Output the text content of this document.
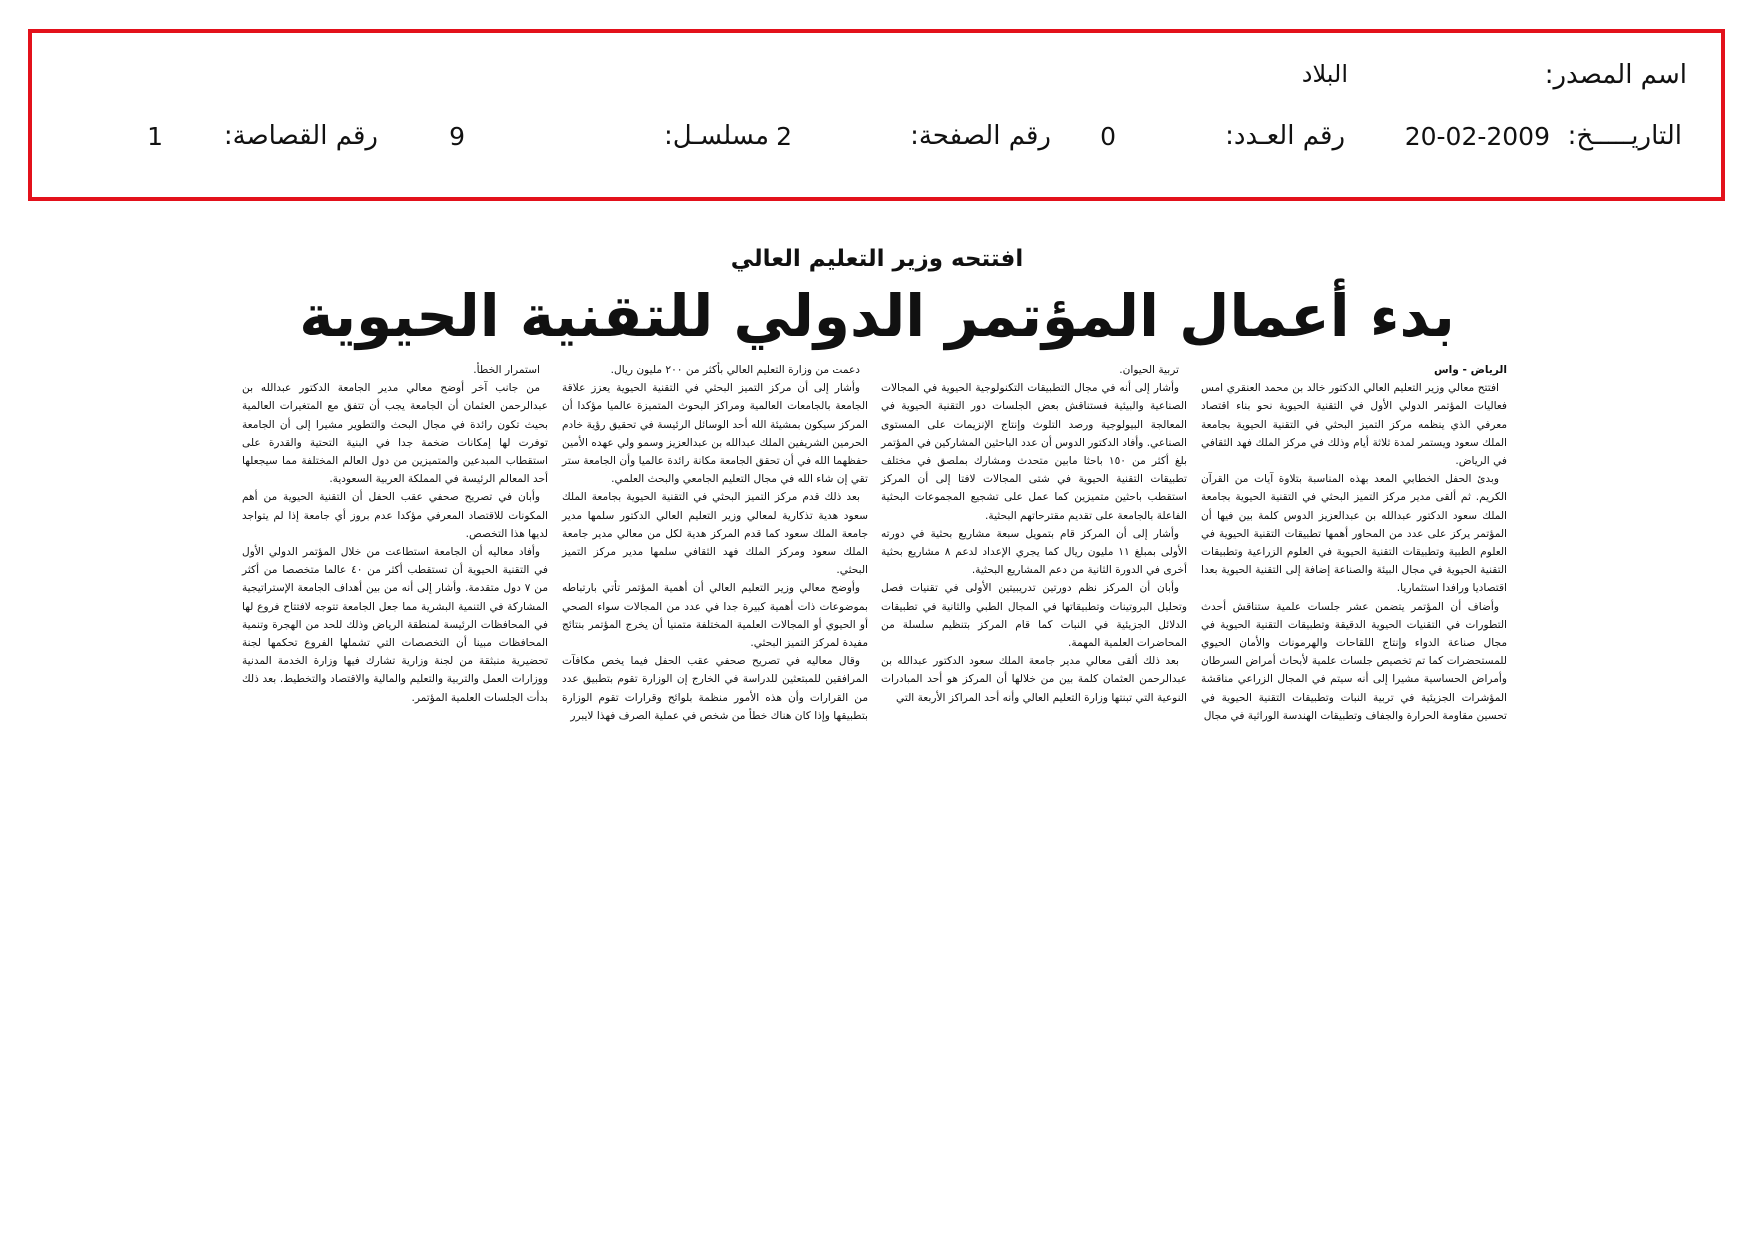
اسم المصدر:
البلاد
التاريـــــخ:
20-02-2009
رقم العـدد:
0
رقم الصفحة:
2
مسلسـل:
9
رقم القصاصة:
1
افتتحه وزير التعليم العالي
بدء أعمال المؤتمر الدولي للتقنية الحيوية

الرياض - واس

افتتح معالي وزير التعليم العالي الدكتور خالد بن محمد العنقري امس فعاليات المؤتمر الدولي الأول في التقنية الحيوية نحو بناء اقتصاد معرفي الذي ينظمه مركز التميز البحثي في التقنية الحيوية بجامعة الملك سعود ويستمر لمدة ثلاثة أيام وذلك في مركز الملك فهد الثقافي في الرياض.

وبدئ الحفل الخطابي المعد بهذه المناسبة بتلاوة آيات من القرآن الكريم. ثم ألقى مدير مركز التميز البحثي في التقنية الحيوية بجامعة الملك سعود الدكتور عبدالله بن عبدالعزيز الدوس كلمة بين فيها أن المؤتمر يركز على عدد من المحاور أهمها تطبيقات التقنية الحيوية في العلوم الطبية وتطبيقات التقنية الحيوية في العلوم الزراعية وتطبيقات التقنية الحيوية في مجال البيئة والصناعة إضافة إلى التقنية الحيوية بعدا اقتصاديا ورافدا استثماريا.

وأضاف أن المؤتمر يتضمن عشر جلسات علمية ستناقش أحدث التطورات في التقنيات الحيوية الدقيقة وتطبيقات التقنية الحيوية في مجال صناعة الدواء وإنتاج اللقاحات والهرمونات والأمان الحيوي للمستحضرات كما تم تخصيص جلسات علمية لأبحاث أمراض السرطان وأمراض الحساسية مشيرا إلى أنه سيتم في المجال الزراعي مناقشة المؤشرات الجزيئية في تربية النبات وتطبيقات التقنية الحيوية في تحسين مقاومة الحرارة والجفاف وتطبيقات الهندسة الوراثية في مجال

تربية الحيوان.

وأشار إلى أنه في مجال التطبيقات التكنولوجية الحيوية في المجالات الصناعية والبيئية فستناقش بعض الجلسات دور التقنية الحيوية في المعالجة البيولوجية ورصد التلوث وإنتاج الإنزيمات على المستوى الصناعي. وأفاد الدكتور الدوس أن عدد الباحثين المشاركين في المؤتمر بلغ أكثر من ١٥٠ باحثا مابين متحدث ومشارك بملصق في مختلف تطبيقات التقنية الحيوية في شتى المجالات لافتا إلى أن المركز استقطب باحثين متميزين كما عمل على تشجيع المجموعات البحثية الفاعلة بالجامعة على تقديم مقترحاتهم البحثية.

وأشار إلى أن المركز قام بتمويل سبعة مشاريع بحثية في دورته الأولى بمبلغ ١١ مليون ريال كما يجري الإعداد لدعم ٨ مشاريع بحثية أخرى في الدورة الثانية من دعم المشاريع البحثية.

وأبان أن المركز نظم دورتين تدريبيتين الأولى في تقنيات فصل وتحليل البروتينات وتطبيقاتها في المجال الطبي والثانية في تطبيقات الدلائل الجزيئية في النبات كما قام المركز بتنظيم سلسلة من المحاضرات العلمية المهمة.

بعد ذلك ألقى معالي مدير جامعة الملك سعود الدكتور عبدالله بن عبدالرحمن العثمان كلمة بين من خلالها أن المركز هو أحد المبادرات النوعية التي تبنتها وزارة التعليم العالي وأنه أحد المراكز الأربعة التي

دعمت من وزارة التعليم العالي بأكثر من ٢٠٠ مليون ريال.

وأشار إلى أن مركز التميز البحثي في التقنية الحيوية يعزز علاقة الجامعة بالجامعات العالمية ومراكز البحوث المتميزة عالميا مؤكدا أن المركز سيكون بمشيئة الله أحد الوسائل الرئيسة في تحقيق رؤية خادم الحرمين الشريفين الملك عبدالله بن عبدالعزيز وسمو ولي عهده الأمين حفظهما الله في أن تحقق الجامعة مكانة رائدة عالميا وأن الجامعة ستر تقي إن شاء الله في مجال التعليم الجامعي والبحث العلمي.

بعد ذلك قدم مركز التميز البحثي في التقنية الحيوية بجامعة الملك سعود هدية تذكارية لمعالي وزير التعليم العالي الدكتور سلمها مدير جامعة الملك سعود كما قدم المركز هدية لكل من معالي مدير جامعة الملك سعود ومركز الملك فهد الثقافي سلمها مدير مركز التميز البحثي.

وأوضح معالي وزير التعليم العالي أن أهمية المؤتمر تأتي بارتباطه بموضوعات ذات أهمية كبيرة جدا في عدد من المجالات سواء الصحي أو الحيوي أو المجالات العلمية المختلفة متمنيا أن يخرج المؤتمر بنتائج مفيدة لمركز التميز البحثي.

وقال معاليه في تصريح صحفي عقب الحفل فيما يخص مكافآت المرافقين للمبتعثين للدراسة في الخارج إن الوزارة تقوم بتطبيق عدد من القرارات وأن هذه الأمور منظمة بلوائح وقرارات تقوم الوزارة بتطبيقها وإذا كان هناك خطأ من شخص في عملية الصرف فهذا لايبرر

استمرار الخطأ.

من جانب آخر أوضح معالي مدير الجامعة الدكتور عبدالله بن عبدالرحمن العثمان أن الجامعة يجب أن تتفق مع المتغيرات العالمية بحيث تكون رائدة في مجال البحث والتطوير مشيرا إلى أن الجامعة توفرت لها إمكانات ضخمة جدا في البنية التحتية والقدرة على استقطاب المبدعين والمتميزين من دول العالم المختلفة مما سيجعلها أحد المعالم الرئيسة في المملكة العربية السعودية.

وأبان في تصريح صحفي عقب الحفل أن التقنية الحيوية من أهم المكونات للاقتصاد المعرفي مؤكدا عدم بروز أي جامعة إذا لم يتواجد لديها هذا التخصص.

وأفاد معاليه أن الجامعة استطاعت من خلال المؤتمر الدولي الأول في التقنية الحيوية أن تستقطب أكثر من ٤٠ عالما متخصصا من أكثر من ٧ دول متقدمة. وأشار إلى أنه من بين أهداف الجامعة الإستراتيجية المشاركة في التنمية البشرية مما جعل الجامعة تتوجه لافتتاح فروع لها في المحافظات الرئيسة لمنطقة الرياض وذلك للحد من الهجرة وتنمية المحافظات مبينا أن التخصصات التي تشملها الفروع تحكمها لجنة تحضيرية منبثقة من لجنة وزارية تشارك فيها وزارة الخدمة المدنية ووزارات العمل والتربية والتعليم والمالية والاقتصاد والتخطيط. بعد ذلك بدأت الجلسات العلمية المؤتمر.
